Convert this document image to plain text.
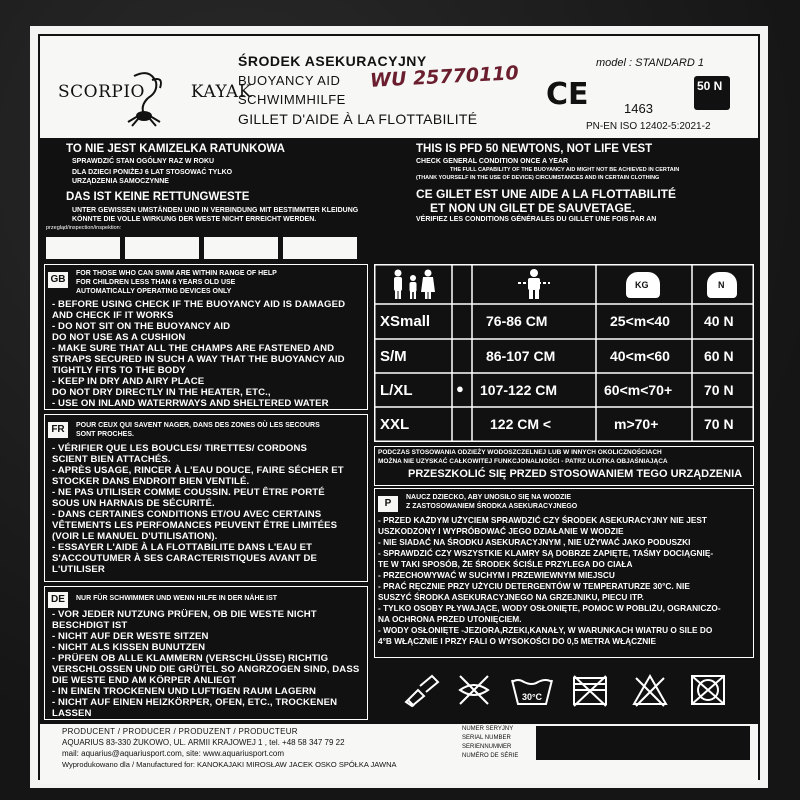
SCORPIO KAYAK
ŚRODEK ASEKURACYJNY
BUOYANCY AID WU 25770110
SCHWIMMHILFE
GILLET D'AIDE À LA FLOTTABILITÉ
model : STANDARD 1
CE	1463
PN-EN ISO 12402-5:2021-2
50 N
TO NIE JEST KAMIZELKA RATUNKOWA
SPRAWDZIĆ STAN OGÓLNY RAZ W ROKU
DLA DZIECI PONIŻEJ 6 LAT STOSOWAĆ TYLKO
URZĄDZENIA SAMOCZYNNE
DAS IST KEINE RETTUNGWESTE
UNTER GEWISSEN UMSTÄNDEN UND IN VERBINDUNG MIT BESTIMMTER KLEIDUNG
KÖNNTE DIE VOLLE WIRKUNG DER WESTE NICHT ERREICHT WERDEN.
przegląd/inspection/inspektion:
THIS IS PFD 50 NEWTONS, NOT LIFE VEST
CHECK GENERAL CONDITION ONCE A YEAR
THE FULL CAPABILITY OF THE BUOYANCY AID MIGHT NOT BE ACHIEVED IN CERTAIN
(THANK YOURSELF IN THE USE OF DEVICE) CIRCUMSTANCES AND IN CERTAIN CLOTHING
CE GILET EST UNE AIDE A LA FLOTTABILITÉ
ET NON UN GILET DE SAUVETAGE.
VÉRIFIEZ LES CONDITIONS GÉNÉRALES DU GILLET UNE FOIS PAR AN
GB
FOR THOSE WHO CAN SWIM ARE WITHIN RANGE OF HELP
FOR CHILDREN LESS THAN 6 YEARS OLD USE
AUTOMATICALLY OPERATING DEVICES ONLY
- BEFORE USING CHECK IF THE BUOYANCY AID IS DAMAGED
AND CHECK IF IT WORKS
- DO NOT SIT ON THE BUOYANCY AID
DO NOT USE AS A CUSHION
- MAKE SURE THAT ALL THE CHAMPS ARE FASTENED AND
STRAPS SECURED IN SUCH A WAY THAT THE BUOYANCY AID
TIGHTLY FITS TO THE BODY
- KEEP IN DRY AND AIRY PLACE
DO NOT DRY DIRECTLY IN THE HEATER, ETC.,
- USE ON INLAND WATERRWAYS AND SHELTERED WATER
FR	POUR CEUX QUI SAVENT NAGER, DANS DES ZONES OÙ LES SECOURS
SONT PROCHES.
- VÉRIFIER QUE LES BOUCLES/ TIRETTES/ CORDONS
SCIENT BIEN ATTACHÉS.
- APRÈS USAGE, RINCER À L'EAU DOUCE, FAIRE SÉCHER ET
STOCKER DANS ENDROIT BIEN VENTILÉ.
- NE PAS UTILISER COMME COUSSIN. PEUT ÊTRE PORTÉ
SOUS UN HARNAIS DE SÉCURITÉ.
- DANS CERTAINES CONDITIONS ET/OU AVEC CERTAINS
VÊTEMENTS LES PERFOMANCES PEUVENT ÊTRE LIMITÉES
(VOIR LE MANUEL D'UTILISATION).
- ESSAYER L'AIDE À LA FLOTTABILITE DANS L'EAU ET
S'ACCOUTUMER À SES CARACTERISTIQUES AVANT DE
L'UTILISER
DE	NUR FÜR SCHWIMMER UND WENN HILFE IN DER NÄHE IST
- VOR JEDER NUTZUNG PRÜFEN, OB DIE WESTE NICHT
BESCHDIGT IST
- NICHT AUF DER WESTE SITZEN
- NICHT ALS KISSEN BUNUTZEN
- PRÜFEN OB ALLE KLAMMERN (VERSCHLÜSSE) RICHTIG
VERSCHLOSSEN UND DIE GRÜTEL SO ANGRZOGEN SIND, DASS
DIE WESTE END AM KÖRPER ANLIEGT
- IN EINEN TROCKENEN UND LUFTIGEN RAUM LAGERN
- NICHT AUF EINEN HEIZKÖRPER, OFEN, ETC., TROCKENEN
LASSEN
KG	N
XSmall	76-86 CM	25<m<40 40 N
S/M	86-107 CM	40<m<60 60 N
L/XL	● 107-122 CM	60<m<70+ 70 N
XXL	122 CM <	m>70+	70 N
PODCZAS STOSOWANIA ODZIEŻY WODOSZCZELNEJ LUB W INNYCH OKOLICZNOŚCIACH
MOŻNA NIE UZYSKAĆ CAŁKOWITEJ FUNKCJONALNOŚCI - PATRZ ULOTKA OBJAŚNIAJĄCA
PRZESZKOLIĆ SIĘ PRZED STOSOWANIEM TEGO URZĄDZENIA
P
NAUCZ DZIECKO, ABY UNOSIŁO SIĘ NA WODZIE
Z ZASTOSOWANIEM ŚRODKA ASEKURACYJNEGO
- PRZED KAŻDYM UŻYCIEM SPRAWDZIĆ CZY ŚRODEK ASEKURACYJNY NIE JEST
USZKODZONY I WYPRÓBOWAĆ JEGO DZIAŁANIE W WODZIE
- NIE SIADAĆ NA ŚRODKU ASEKURACYJNYM , NIE UŻYWAĆ JAKO PODUSZKI
- SPRAWDZIĆ CZY WSZYSTKIE KLAMRY SĄ DOBRZE ZAPIĘTE, TAŚMY DOCIĄGNIĘ-
TE W TAKI SPOSÓB, ŻE ŚRODEK ŚCIŚLE PRZYLEGA DO CIAŁA
- PRZECHOWYWAĆ W SUCHYM I PRZEWIEWNYM MIEJSCU
- PRAĆ RĘCZNIE PRZY UŻYCIU DETERGENTÓW W TEMPERATURZE 30°C. NIE
SUSZYĆ ŚRODKA ASEKURACYJNEGO NA GRZEJNIKU, PIECU ITP.
- TYLKO OSOBY PŁYWAJĄCE, WODY OSŁONIĘTE, POMOC W POBLIŻU, OGRANICZO-
NA OCHRONA PRZED UTONIĘCIEM.
- WODY OSŁONIĘTE -JEZIORA,RZEKI,KANAŁY, W WARUNKACH WIATRU O SILE DO
4°B WŁĄCZNIE I PRZY FALI O WYSOKOŚCI DO 0,5 METRA WŁĄCZNIE
30°C
PRODUCENT / PRODUCER / PRODUZENT / PRODUCTEUR
AQUARIUS 83-330 ŻUKOWO, UL. ARMII KRAJOWEJ 1 , tel. +48 58 347 79 22
mail: aquarius@aquariusport.com, site: www.aquariusport.com
Wyprodukowano dla / Manufactured for: KANOKAJAKI MIROSŁAW JACEK OSKO SPÓŁKA JAWNA
NUMER SERYJNY
SERIAL NUMBER
SERIENNUMMER
NUMÉRO DE SÉRIE
